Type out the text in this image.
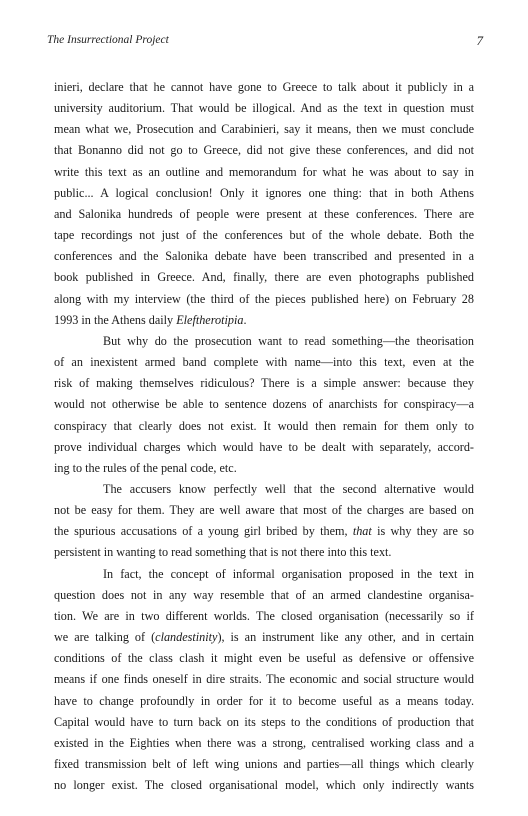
The Insurrectional Project	7

inieri, declare that he cannot have gone to Greece to talk about it publicly in a
university auditorium. That would be illogical. And as the text in question must
mean what we, Prosecution and Carabinieri, say it means, then we must conclude
that Bonanno did not go to Greece, did not give these conferences, and did not
write this text as an outline and memorandum for what he was about to say in
public... A logical conclusion! Only it ignores one thing: that in both Athens
and Salonika hundreds of people were present at these conferences. There are
tape recordings not just of the conferences but of the whole debate. Both the
conferences and the Salonika debate have been transcribed and presented in a
book published in Greece. And, finally, there are even photographs published
along with my interview (the third of the pieces published here) on February 28
1993 in the Athens daily Eleftherotipia.

But why do the prosecution want to read something—the theorisation
of an inexistent armed band complete with name—into this text, even at the
risk of making themselves ridiculous? There is a simple answer: because they
would not otherwise be able to sentence dozens of anarchists for conspiracy—a
conspiracy that clearly does not exist. It would then remain for them only to
prove individual charges which would have to be dealt with separately, accord-
ing to the rules of the penal code, etc.

The accusers know perfectly well that the second alternative would
not be easy for them. They are well aware that most of the charges are based on
the spurious accusations of a young girl bribed by them, that is why they are so
persistent in wanting to read something that is not there into this text.

In fact, the concept of informal organisation proposed in the text in
question does not in any way resemble that of an armed clandestine organisa-
tion. We are in two different worlds. The closed organisation (necessarily so if
we are talking of (clandestinity), is an instrument like any other, and in certain
conditions of the class clash it might even be useful as defensive or offensive
means if one finds oneself in dire straits. The economic and social structure would
have to change profoundly in order for it to become useful as a means today.
Capital would have to turn back on its steps to the conditions of production that
existed in the Eighties when there was a strong, centralised working class and a
fixed transmission belt of left wing unions and parties—all things which clearly
no longer exist. The closed organisational model, which only indirectly wants
